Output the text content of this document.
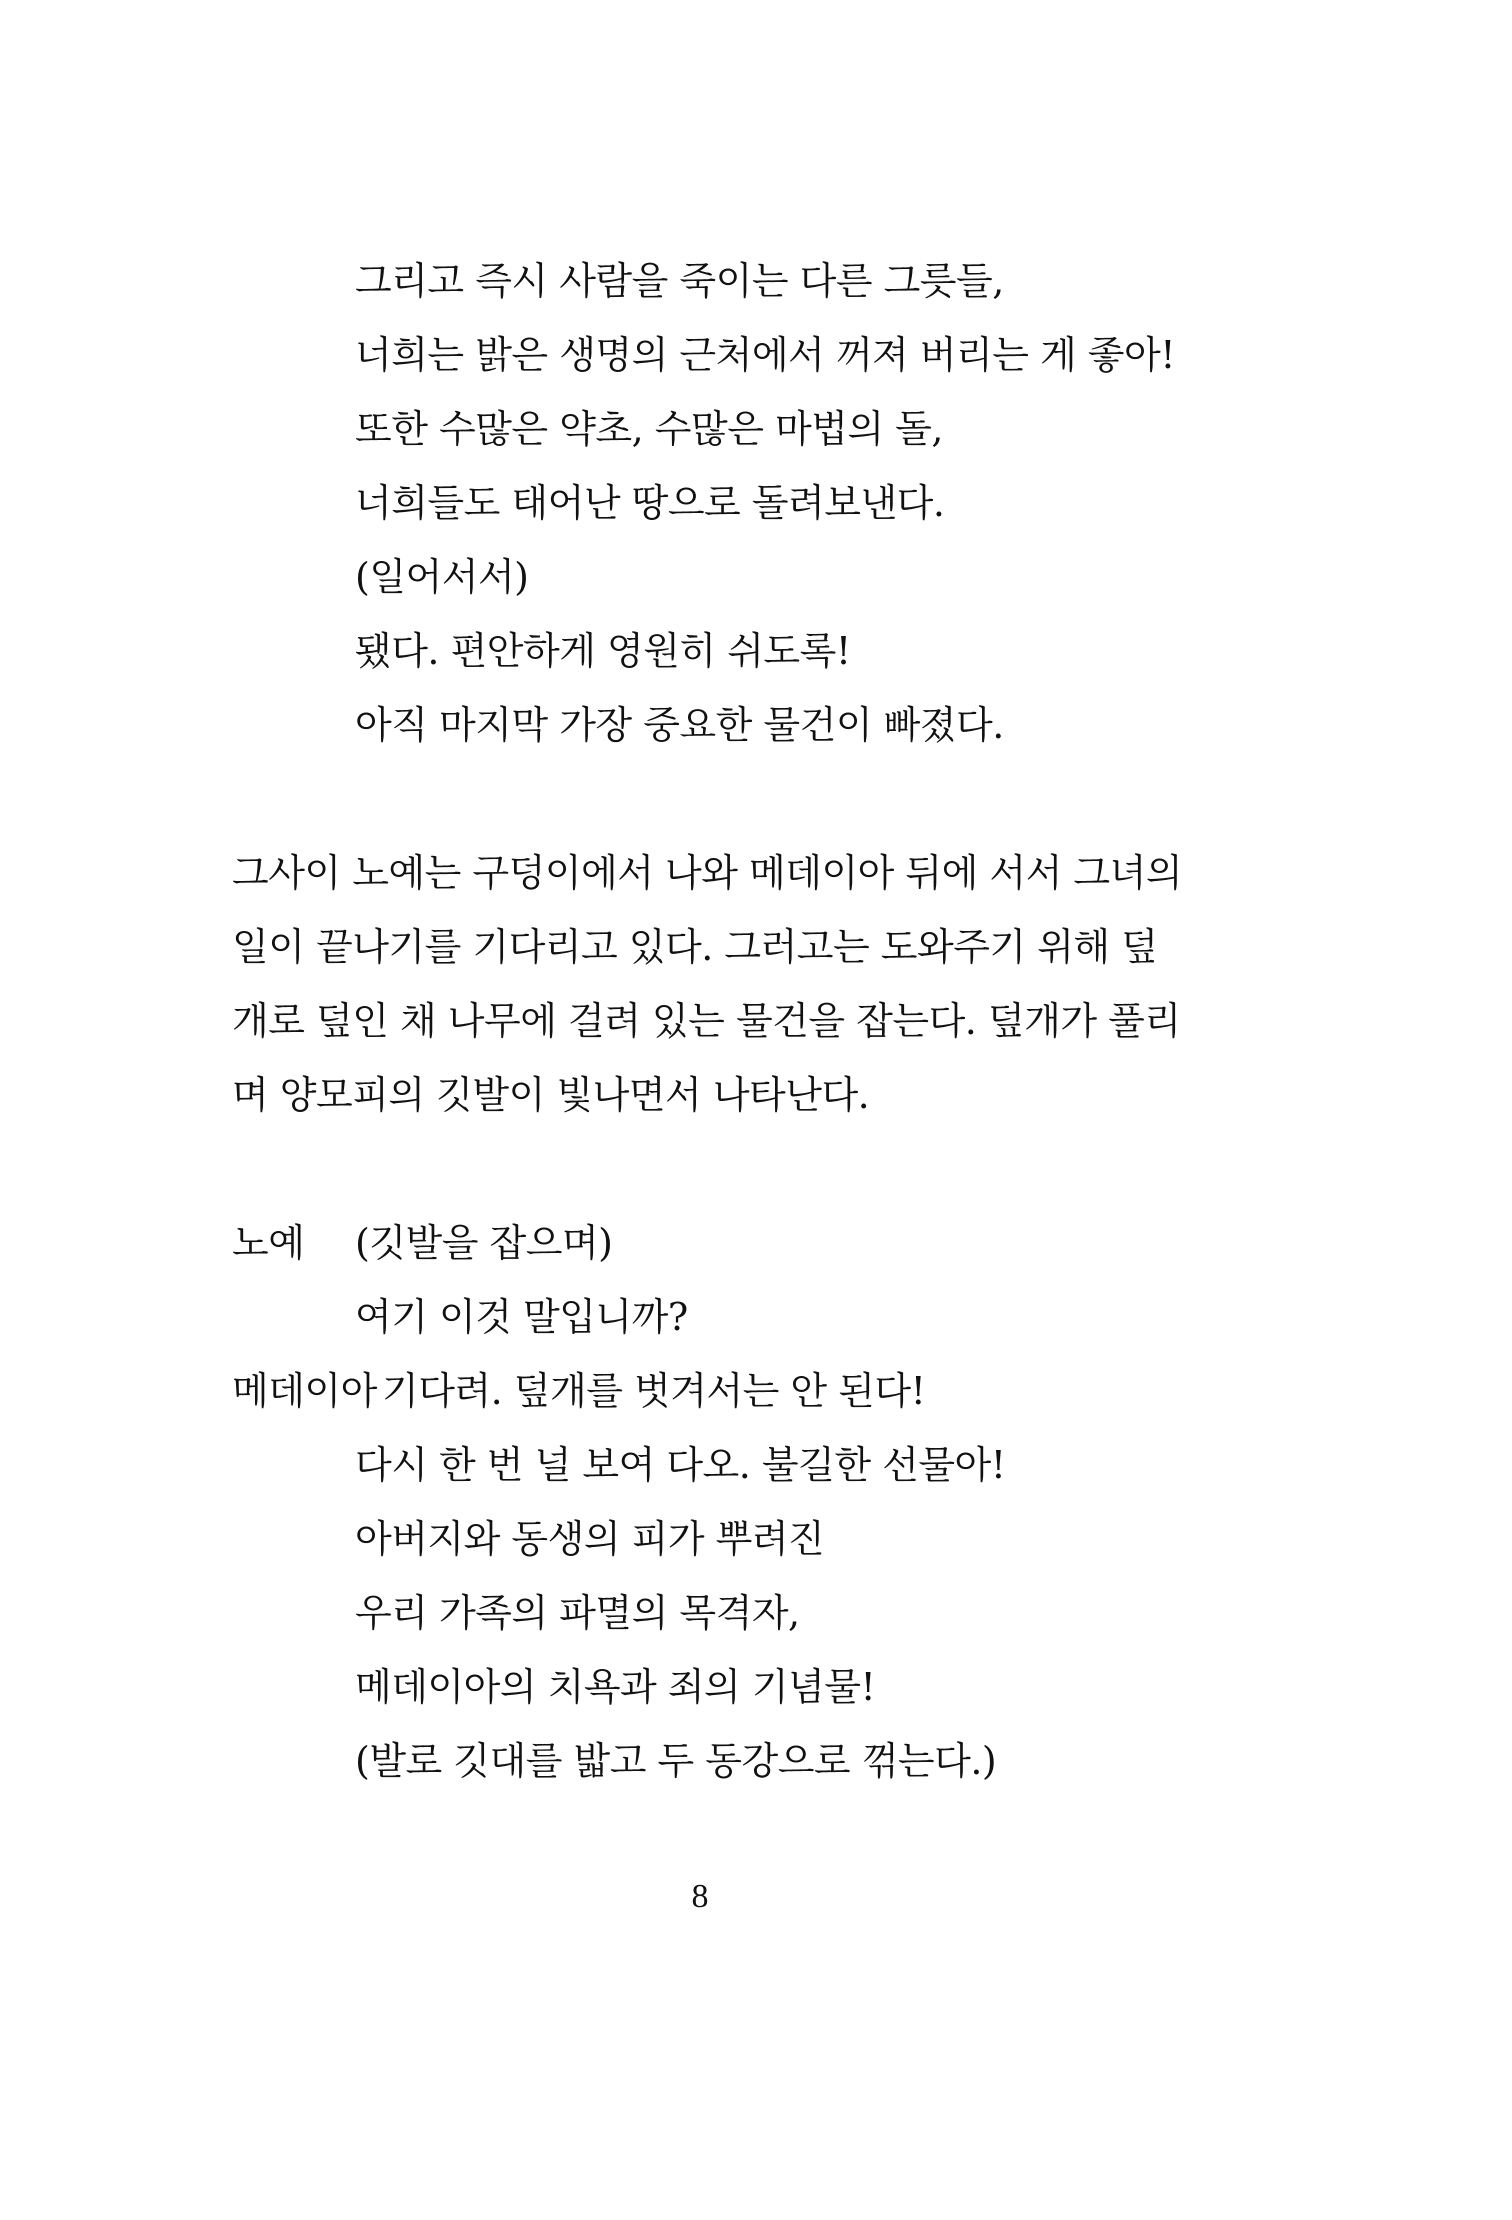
그리고 즉시 사람을 죽이는 다른 그릇들,
너희는 밝은 생명의 근처에서 꺼져 버리는 게 좋아!
또한 수많은 약초, 수많은 마법의 돌,
너희들도 태어난 땅으로 돌려보낸다.
(일어서서)
됐다. 편안하게 영원히 쉬도록!
아직 마지막 가장 중요한 물건이 빠졌다.
그사이 노예는 구덩이에서 나와 메데이아 뒤에 서서 그녀의
일이 끝나기를 기다리고 있다. 그러고는 도와주기 위해 덮
개로 덮인 채 나무에 걸려 있는 물건을 잡는다. 덮개가 풀리
며 양모피의 깃발이 빛나면서 나타난다.
노예 (깃발을 잡으며)
여기 이것 말입니까?
메데이아 기다려. 덮개를 벗겨서는 안 된다!
다시 한 번 널 보여 다오. 불길한 선물아!
아버지와 동생의 피가 뿌려진
우리 가족의 파멸의 목격자,
메데이아의 치욕과 죄의 기념물!
(발로 깃대를 밟고 두 동강으로 꺾는다.)
8
